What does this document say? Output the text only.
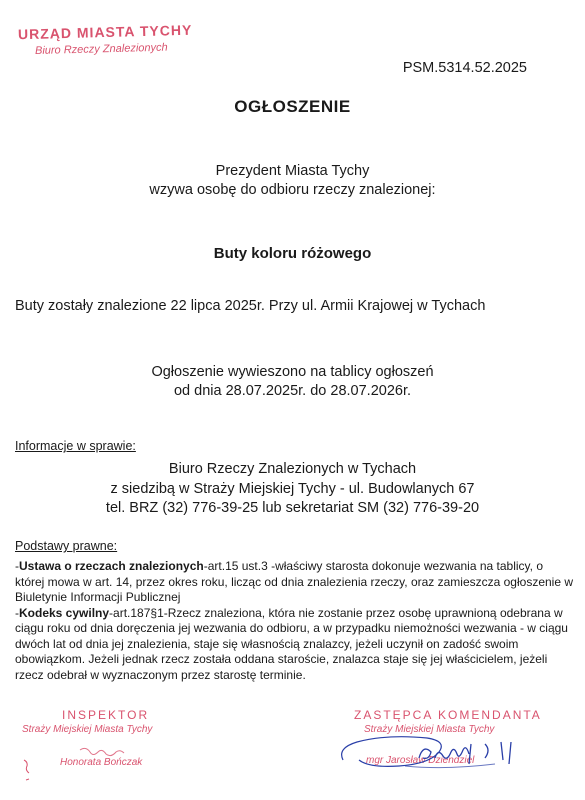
URZĄD MIASTA TYCHY
Biuro Rzeczy Znalezionych
PSM.5314.52.2025
OGŁOSZENIE
Prezydent Miasta Tychy
wzywa osobę do odbioru rzeczy znalezionej:
Buty koloru różowego
Buty zostały znalezione 22 lipca 2025r. Przy ul. Armii Krajowej w Tychach
Ogłoszenie wywieszono na tablicy ogłoszeń
od dnia 28.07.2025r. do 28.07.2026r.
Informacje w sprawie:
Biuro Rzeczy Znalezionych w Tychach
z siedzibą w Straży Miejskiej Tychy - ul. Budowlanych 67
tel. BRZ (32) 776-39-25 lub sekretariat SM (32) 776-39-20
Podstawy prawne:

-Ustawa o rzeczach znalezionych-art.15 ust.3 -właściwy starosta dokonuje wezwania na tablicy, o której mowa w art. 14, przez okres roku, licząc od dnia znalezienia rzeczy, oraz zamieszcza ogłoszenie w Biuletynie Informacji Publicznej

-Kodeks cywilny-art.187§1-Rzecz znaleziona, która nie zostanie przez osobę uprawnioną odebrana w ciągu roku od dnia doręczenia jej wezwania do odbioru, a w przypadku niemożności wezwania - w ciągu dwóch lat od dnia jej znalezienia, staje się własnością znalazcy, jeżeli uczynił on zadość swoim obowiązkom. Jeżeli jednak rzecz została oddana staroście, znalazca staje się jej właścicielem, jeżeli rzecz odebrał w wyznaczonym przez starostę terminie.

INSPEKTOR
Straży Miejskiej Miasta Tychy
Honorata Bończak
ZASTĘPCA KOMENDANTA
Straży Miejskiej Miasta Tychy
mgr Jarosław Dziendziel
